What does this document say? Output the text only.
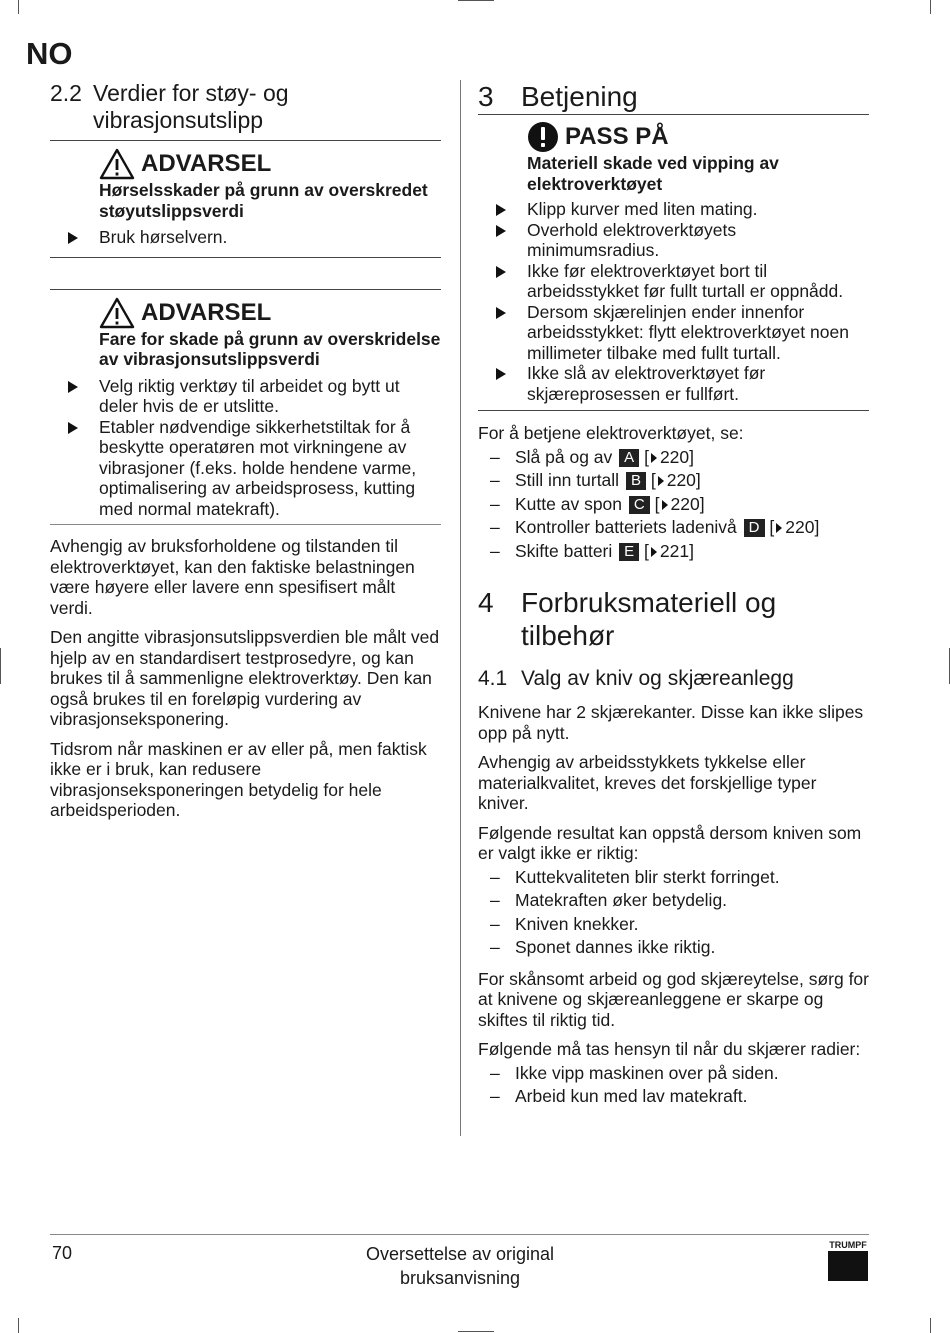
NO
2.2 Verdier for støy- og vibrasjonsutslipp
ADVARSEL
Hørselsskader på grunn av overskredet støyutslippsverdi
Bruk hørselvern.
ADVARSEL
Fare for skade på grunn av overskridelse av vibrasjonsutslippsverdi
Velg riktig verktøy til arbeidet og bytt ut deler hvis de er utslitte.
Etabler nødvendige sikkerhetstiltak for å beskytte operatøren mot virkningene av vibrasjoner (f.eks. holde hendene varme, optimalisering av arbeidsprosess, kutting med normal matekraft).

Avhengig av bruksforholdene og tilstanden til elektroverktøyet, kan den faktiske belastningen være høyere eller lavere enn spesifisert målt verdi.

Den angitte vibrasjonsutslippsverdien ble målt ved hjelp av en standardisert testprosedyre, og kan brukes til å sammenligne elektroverktøy. Den kan også brukes til en foreløpig vurdering av vibrasjonseksponering.

Tidsrom når maskinen er av eller på, men faktisk ikke er i bruk, kan redusere vibrasjonseksponeringen betydelig for hele arbeidsperioden.

3 Betjening
PASS PÅ
Materiell skade ved vipping av elektroverktøyet
Klipp kurver med liten mating.
Overhold elektroverktøyets minimumsradius.
Ikke før elektroverktøyet bort til arbeidsstykket før fullt turtall er oppnådd.
Dersom skjærelinjen ender innenfor arbeidsstykket: flytt elektroverktøyet noen millimeter tilbake med fullt turtall.
Ikke slå av elektroverktøyet før skjæreprosessen er fullført.

For å betjene elektroverktøyet, se:

– Slå på og av A [ 220]
– Still inn turtall B [ 220]
– Kutte av spon C [ 220]
– Kontroller batteriets ladenivå D [ 220]
– Skifte batteri E [ 221]
4 Forbruksmateriell og tilbehør
4.1 Valg av kniv og skjæreanlegg

Knivene har 2 skjærekanter. Disse kan ikke slipes opp på nytt.

Avhengig av arbeidsstykkets tykkelse eller materialkvalitet, kreves det forskjellige typer kniver.

Følgende resultat kan oppstå dersom kniven som er valgt ikke er riktig:

– Kuttekvaliteten blir sterkt forringet.
– Matekraften øker betydelig.
– Kniven knekker.
– Sponet dannes ikke riktig.

For skånsomt arbeid og god skjæreytelse, sørg for at knivene og skjæreanleggene er skarpe og skiftes til riktig tid.

Følgende må tas hensyn til når du skjærer radier:

– Ikke vipp maskinen over på siden.
– Arbeid kun med lav matekraft.
70	Oversettelse av original bruksanvisning
TRUMPF
